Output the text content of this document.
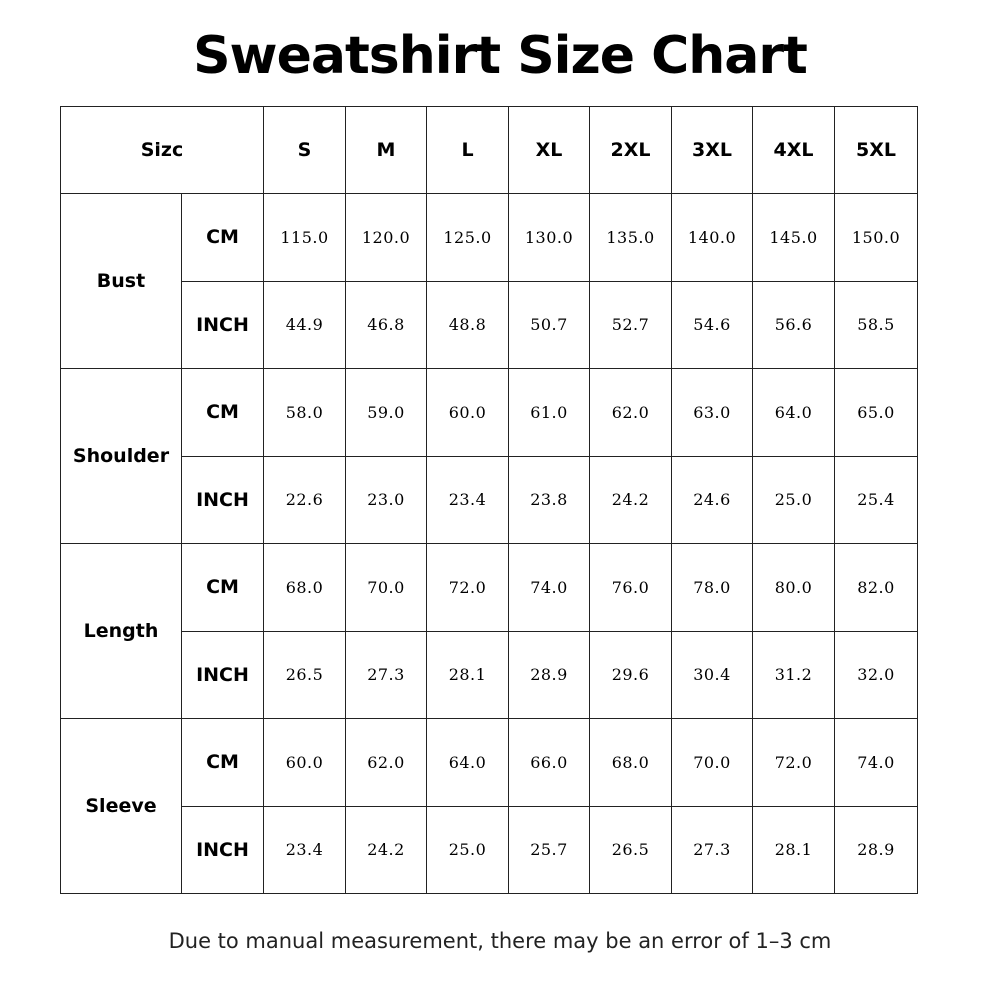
Sweatshirt Size Chart
Sizc		S	M	L	XL	2XL	3XL	4XL	5XL
Bust	CM	115.0	120.0	125.0	130.0	135.0	140.0	145.0	150.0
	INCH	44.9	46.8	48.8	50.7	52.7	54.6	56.6	58.5
Shoulder	CM	58.0	59.0	60.0	61.0	62.0	63.0	64.0	65.0
	INCH	22.6	23.0	23.4	23.8	24.2	24.6	25.0	25.4
Length	CM	68.0	70.0	72.0	74.0	76.0	78.0	80.0	82.0
	INCH	26.5	27.3	28.1	28.9	29.6	30.4	31.2	32.0
Sleeve	CM	60.0	62.0	64.0	66.0	68.0	70.0	72.0	74.0
	INCH	23.4	24.2	25.0	25.7	26.5	27.3	28.1	28.9
Due to manual measurement, there may be an error of 1–3 cm
